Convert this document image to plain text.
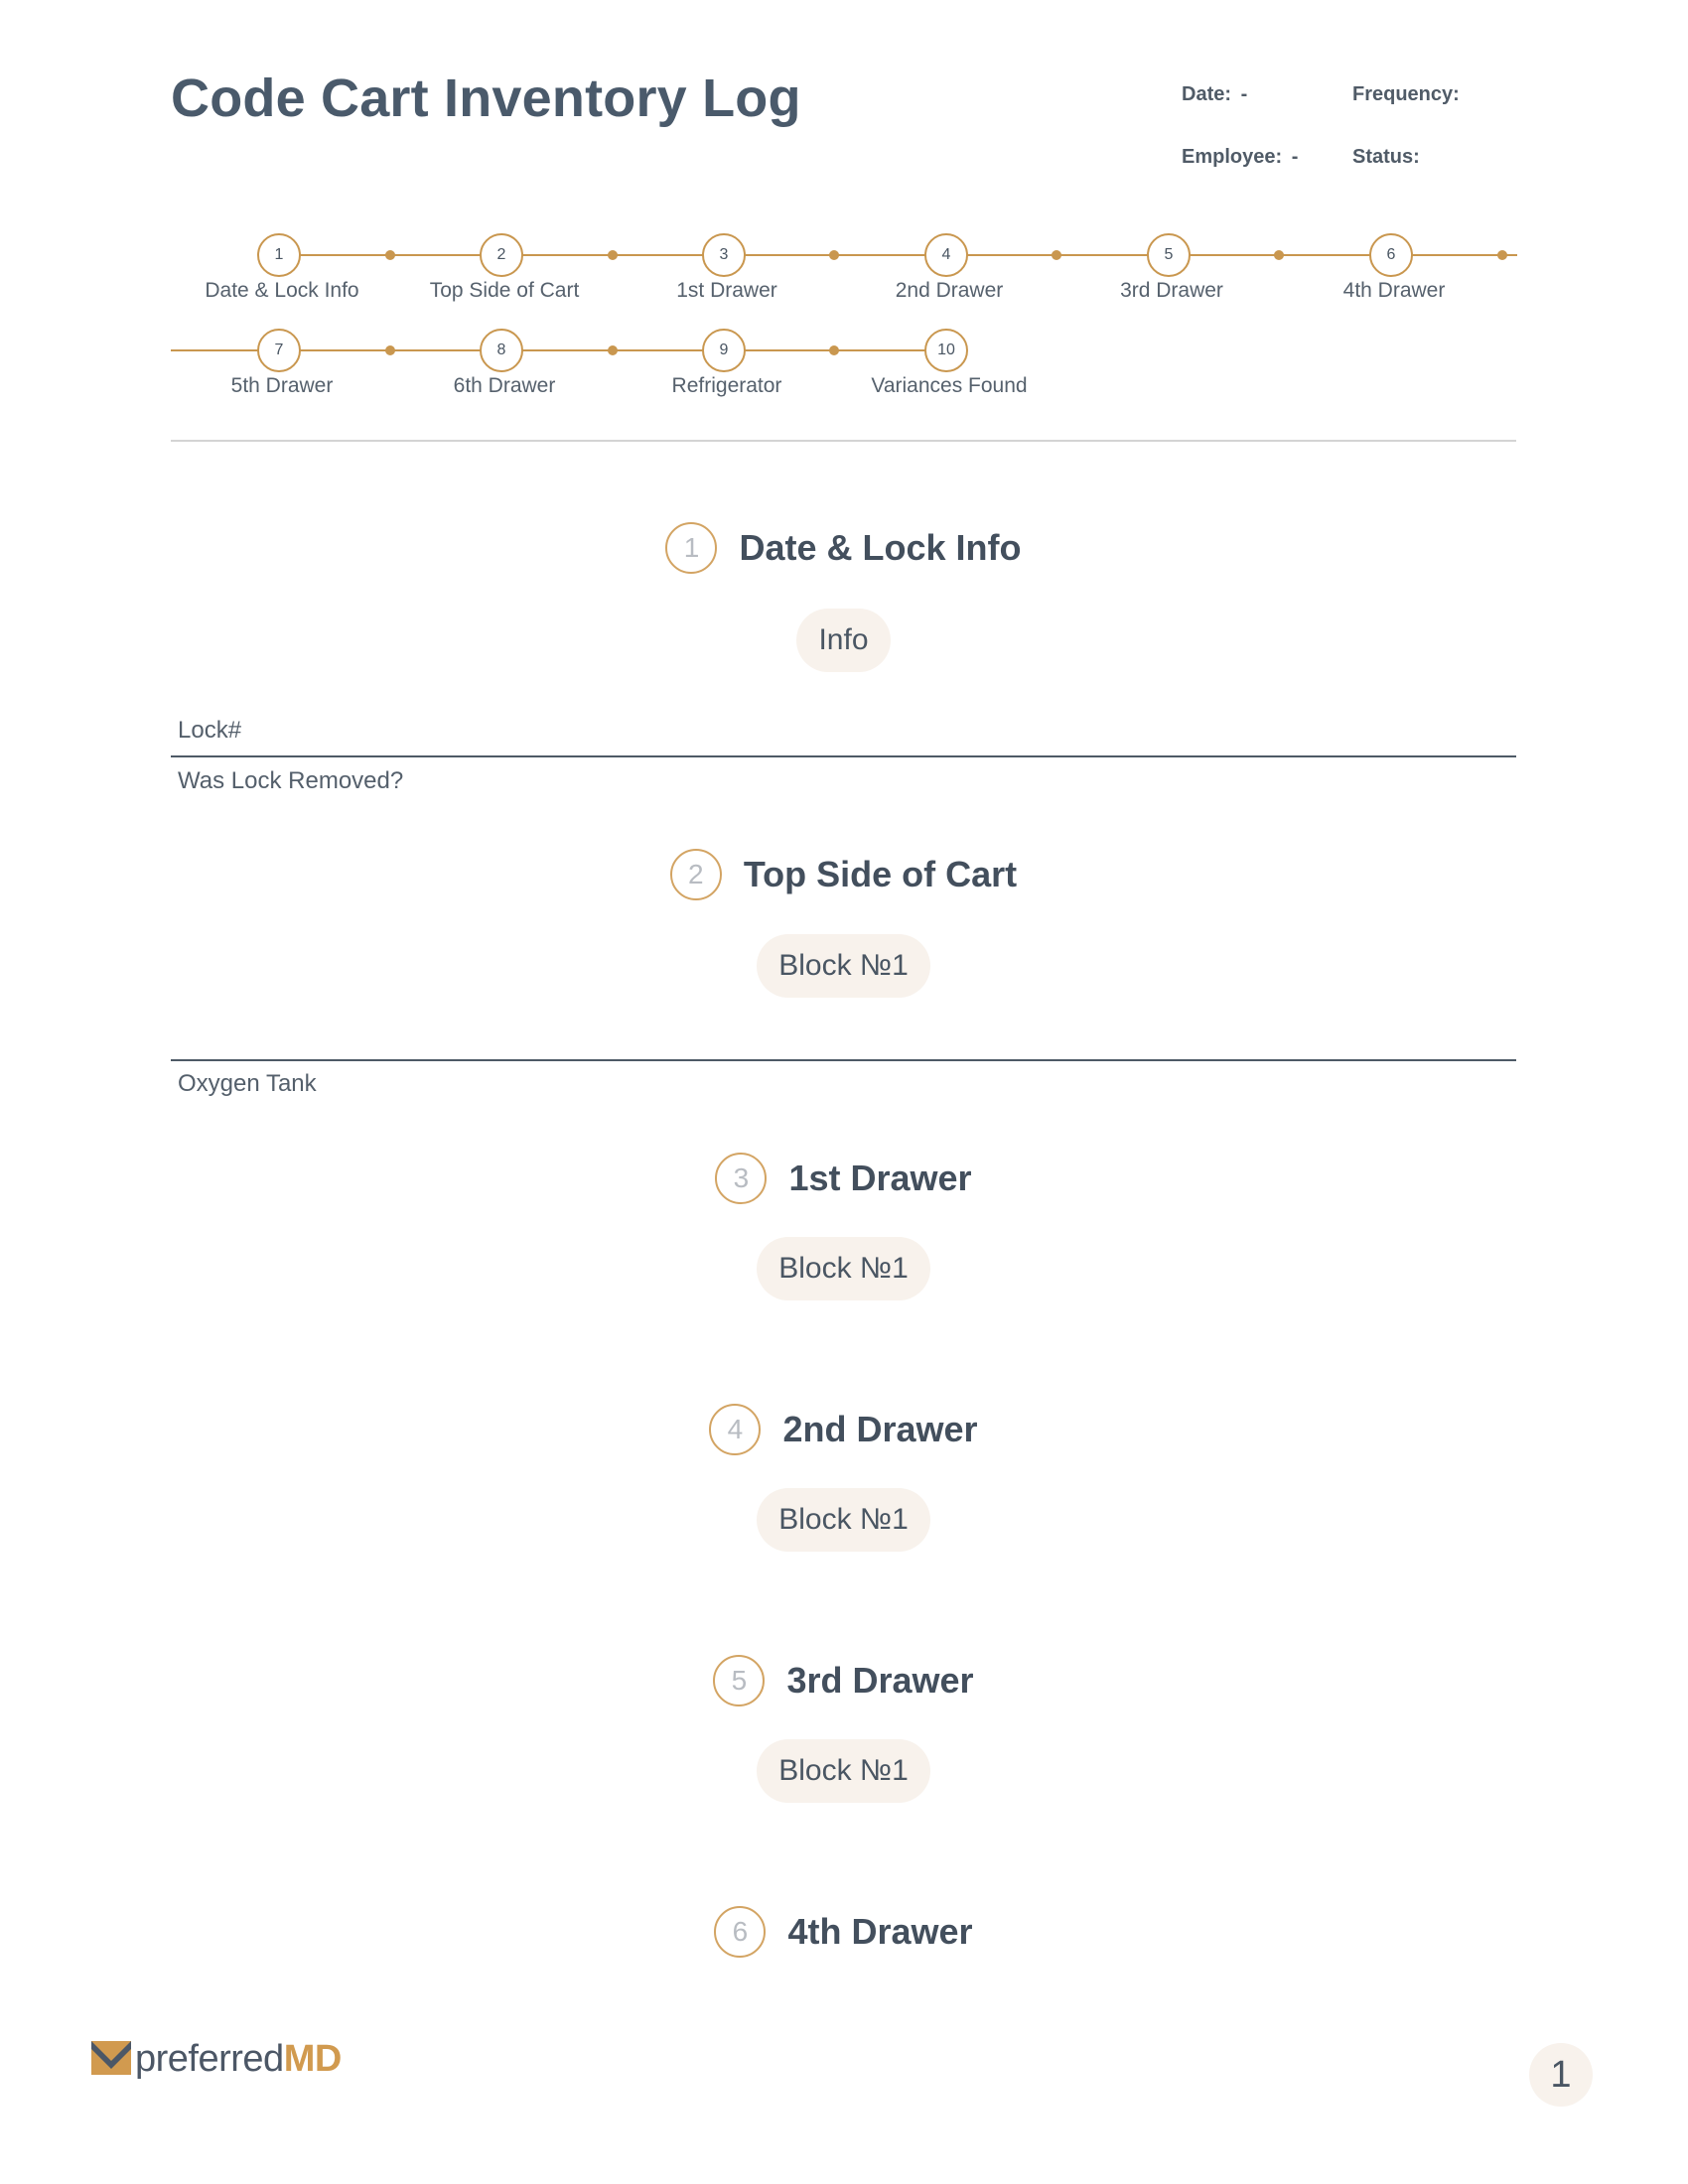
Code Cart Inventory Log	Date: -	Frequency:
Employee: -	Status:
1	2	3	4	5	6
Date & Lock Info	Top Side of Cart	1st Drawer	2nd Drawer	3rd Drawer	4th Drawer
7	8	9	10
5th Drawer	6th Drawer	Refrigerator	Variances Found
1	Date & Lock Info
Info
Lock#
Was Lock Removed?
2	Top Side of Cart
Block №1
Oxygen Tank
3	1st Drawer
Block №1
4	2nd Drawer
Block №1
5	3rd Drawer
Block №1
6	4th Drawer
preferredMD	1
